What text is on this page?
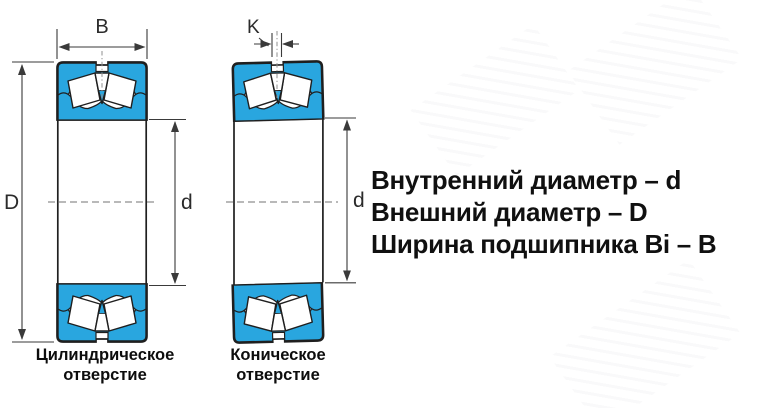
B	K
D	d	d
Цилиндрическое
отверстие
Коническое
отверстие
Внутренний диаметр – d
Внешний диаметр – D
Ширина подшипника Bi – B
